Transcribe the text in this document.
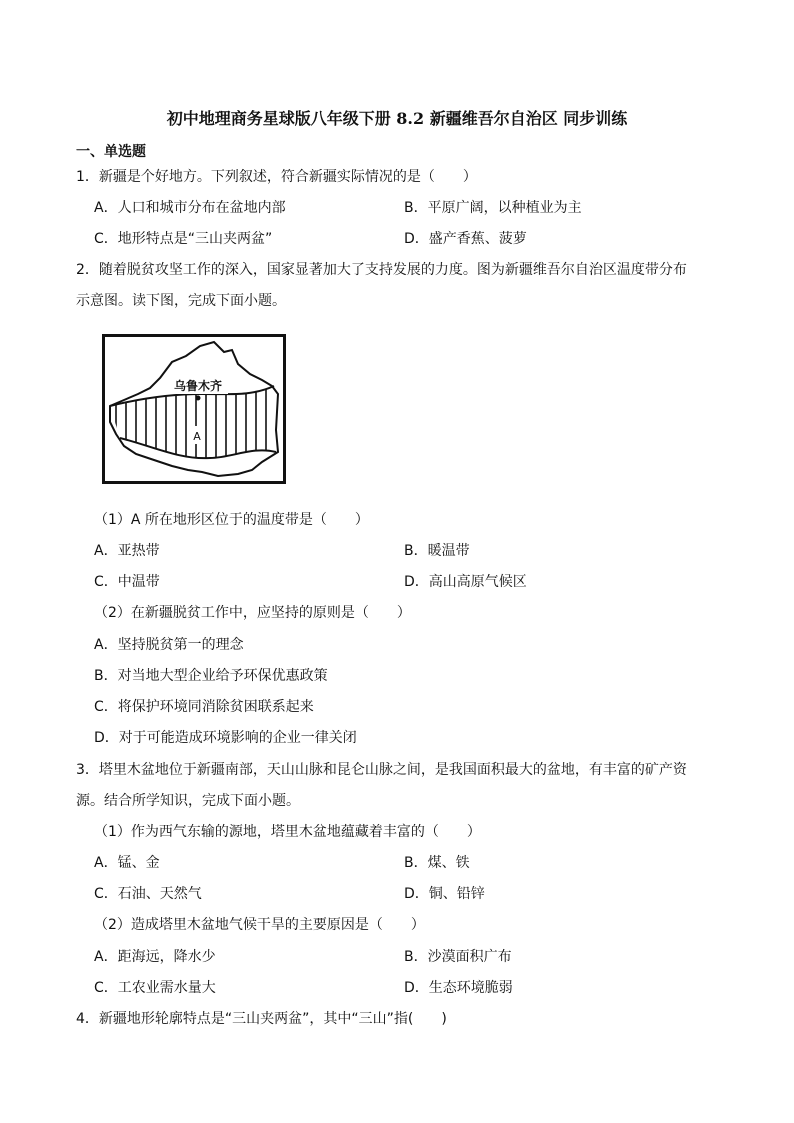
初中地理商务星球版八年级下册 8.2 新疆维吾尔自治区 同步训练
一、单选题
1．新疆是个好地方。下列叙述，符合新疆实际情况的是（　　）
A．人口和城市分布在盆地内部	B．平原广阔，以种植业为主
C．地形特点是“三山夹两盆”	D．盛产香蕉、菠萝
2．随着脱贫攻坚工作的深入，国家显著加大了支持发展的力度。图为新疆维吾尔自治区温度带分布
示意图。读下图，完成下面小题。
乌鲁木齐
A
（1）A 所在地形区位于的温度带是（　　）
A．亚热带	B．暖温带
C．中温带	D．高山高原气候区
（2）在新疆脱贫工作中，应坚持的原则是（　　）
A．坚持脱贫第一的理念
B．对当地大型企业给予环保优惠政策
C．将保护环境同消除贫困联系起来
D．对于可能造成环境影响的企业一律关闭
3．塔里木盆地位于新疆南部，天山山脉和昆仑山脉之间，是我国面积最大的盆地，有丰富的矿产资
源。结合所学知识，完成下面小题。
（1）作为西气东输的源地，塔里木盆地蕴藏着丰富的（　　）
A．锰、金	B．煤、铁
C．石油、天然气	D．铜、铅锌
（2）造成塔里木盆地气候干旱的主要原因是（　　）
A．距海远，降水少	B．沙漠面积广布
C．工农业需水量大	D．生态环境脆弱
4．新疆地形轮廓特点是“三山夹两盆”，其中“三山”指(　　)
